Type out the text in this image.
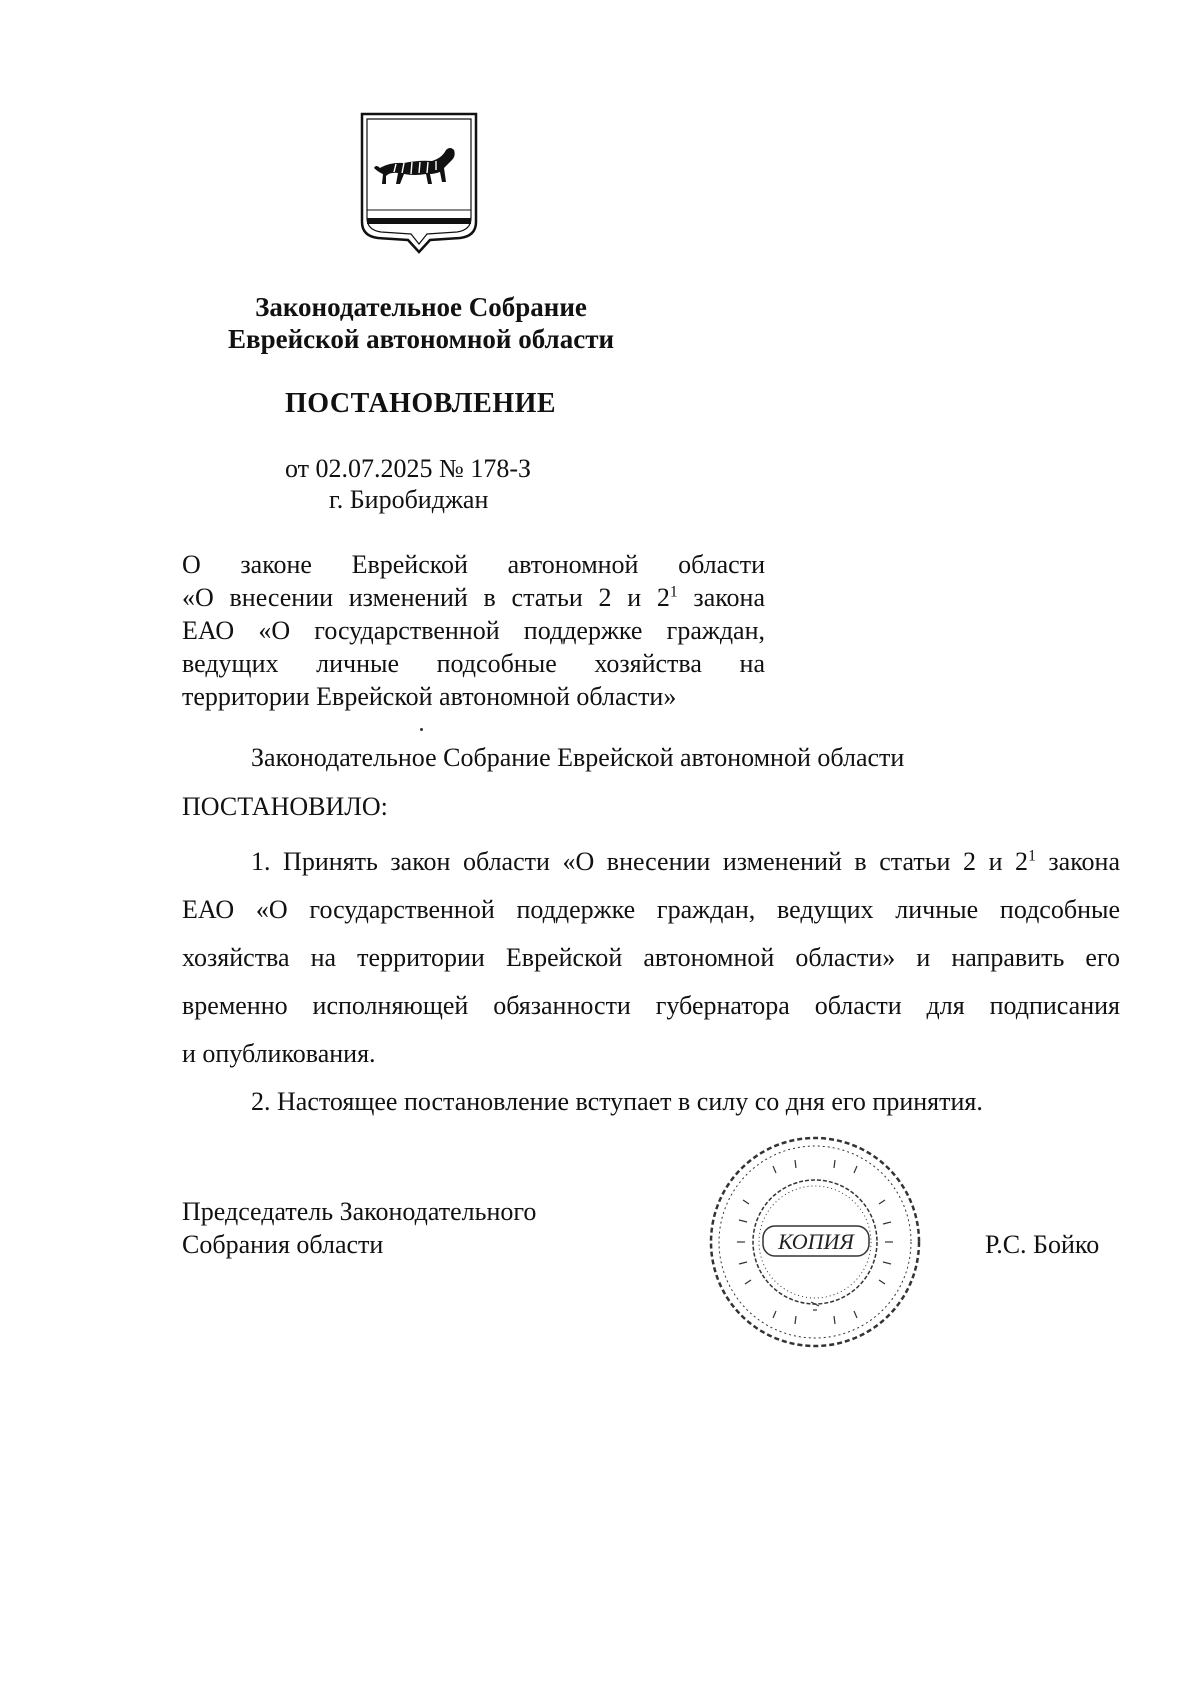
Законодательное Собрание
Еврейской автономной области
ПОСТАНОВЛЕНИЕ
от 02.07.2025 № 178-З
г. Биробиджан
О законе Еврейской автономной области
«О внесении изменений в статьи 2 и $2^1$ закона
ЕАО «О государственной поддержке граждан,
ведущих личные подсобные хозяйства на
территории Еврейской автономной области»
Законодательное Собрание Еврейской автономной области
ПОСТАНОВИЛО:
1. Принять закон области «О внесении изменений в статьи 2 и $2^1$ закона
ЕАО «О государственной поддержке граждан, ведущих личные подсобные
хозяйства на территории Еврейской автономной области» и направить его
временно исполняющей обязанности губернатора области для подписания
и опубликования.
2. Настоящее постановление вступает в силу со дня его принятия.
Председатель Законодательного
Собрания области	КОПИЯ	Р.С. Бойко
